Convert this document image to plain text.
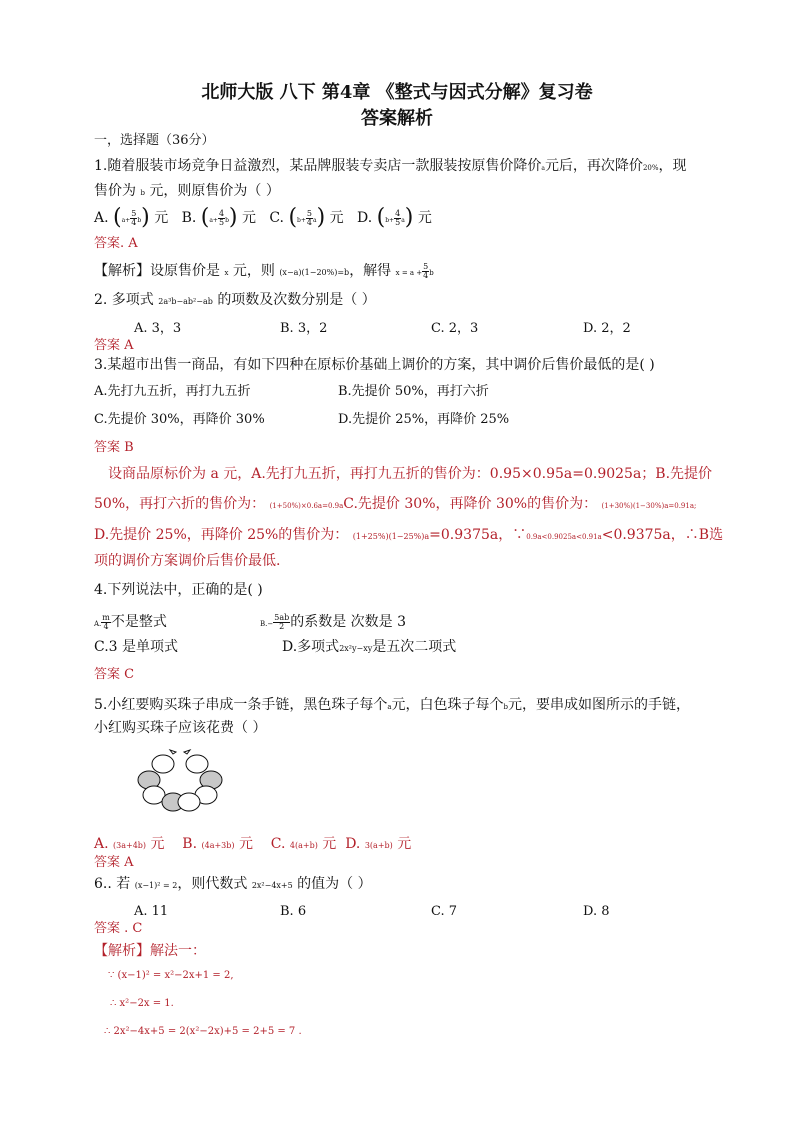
北师大版 八下 第4章 《整式与因式分解》复习卷
答案解析
一，选择题（36分）
1.随着服装市场竞争日益激烈，某品牌服装专卖店一款服装按原售价降价a元后，再次降价20%，现
售价为 b 元，则原售价为（ ）
A. $(a+ \frac{5}{4} b)$ 元 B. $(a+ \frac{4}{5} b)$ 元 C. $(b+ \frac{5}{4} a)$ 元 D. $(b+ \frac{4}{5} a)$ 元
答案. A
【解析】设原售价是 x 元，则 (x−a)(1−20%)=b，解得 $x = a + \frac{5}{4}$ b
2. 多项式 2a³b−ab²−ab 的项数及次数分别是（ ）
A. 3，3	B. 3，2	C. 2，3	D. 2，2
答案 A
3.某超市出售一商品，有如下四种在原标价基础上调价的方案，其中调价后售价最低的是( )
A.先打九五折，再打九五折	B.先提价 50%，再打六折
C.先提价 30%，再降价 30%	D.先提价 25%，再降价 25%
答案 B
设商品原标价为 a 元，A.先打九五折，再打九五折的售价为：0.95×0.95a=0.9025a；B.先提价
50%，再打六折的售价为： (1+50%)×0.6a=0.9aC.先提价 30%，再降价 30%的售价为： (1+30%)(1−30%)a=0.91a;
D.先提价 25%，再降价 25%的售价为： (1+25%)(1−25%)a=0.9375a，∵0.9a<0.9025a<0.91a<0.9375a，∴B选
项的调价方案调价后售价最低.
4.下列说法中，正确的是( )
A. $\frac{m}{4}$ 不是整式	$B.- \frac{5ab}{2}$ 的系数是 次数是 3
C.3 是单项式	D.多项式2x²y−xy是五次二项式
答案 C
5.小红要购买珠子串成一条手链，黑色珠子每个a元，白色珠子每个b元，要串成如图所示的手链，
小红购买珠子应该花费（ ）
A. (3a+4b) 元 B. (4a+3b) 元 C. 4(a+b) 元 D. 3(a+b) 元
答案 A
6.. 若 (x−1)² = 2，则代数式 2x²−4x+5 的值为（ ）
A. 11	B. 6	C. 7	D. 8
答案 . C
【解析】解法一：
∵ (x−1)² = x²−2x+1 = 2,
∴ x²−2x = 1.
∴ 2x²−4x+5 = 2(x²−2x)+5 = 2+5 = 7 .
